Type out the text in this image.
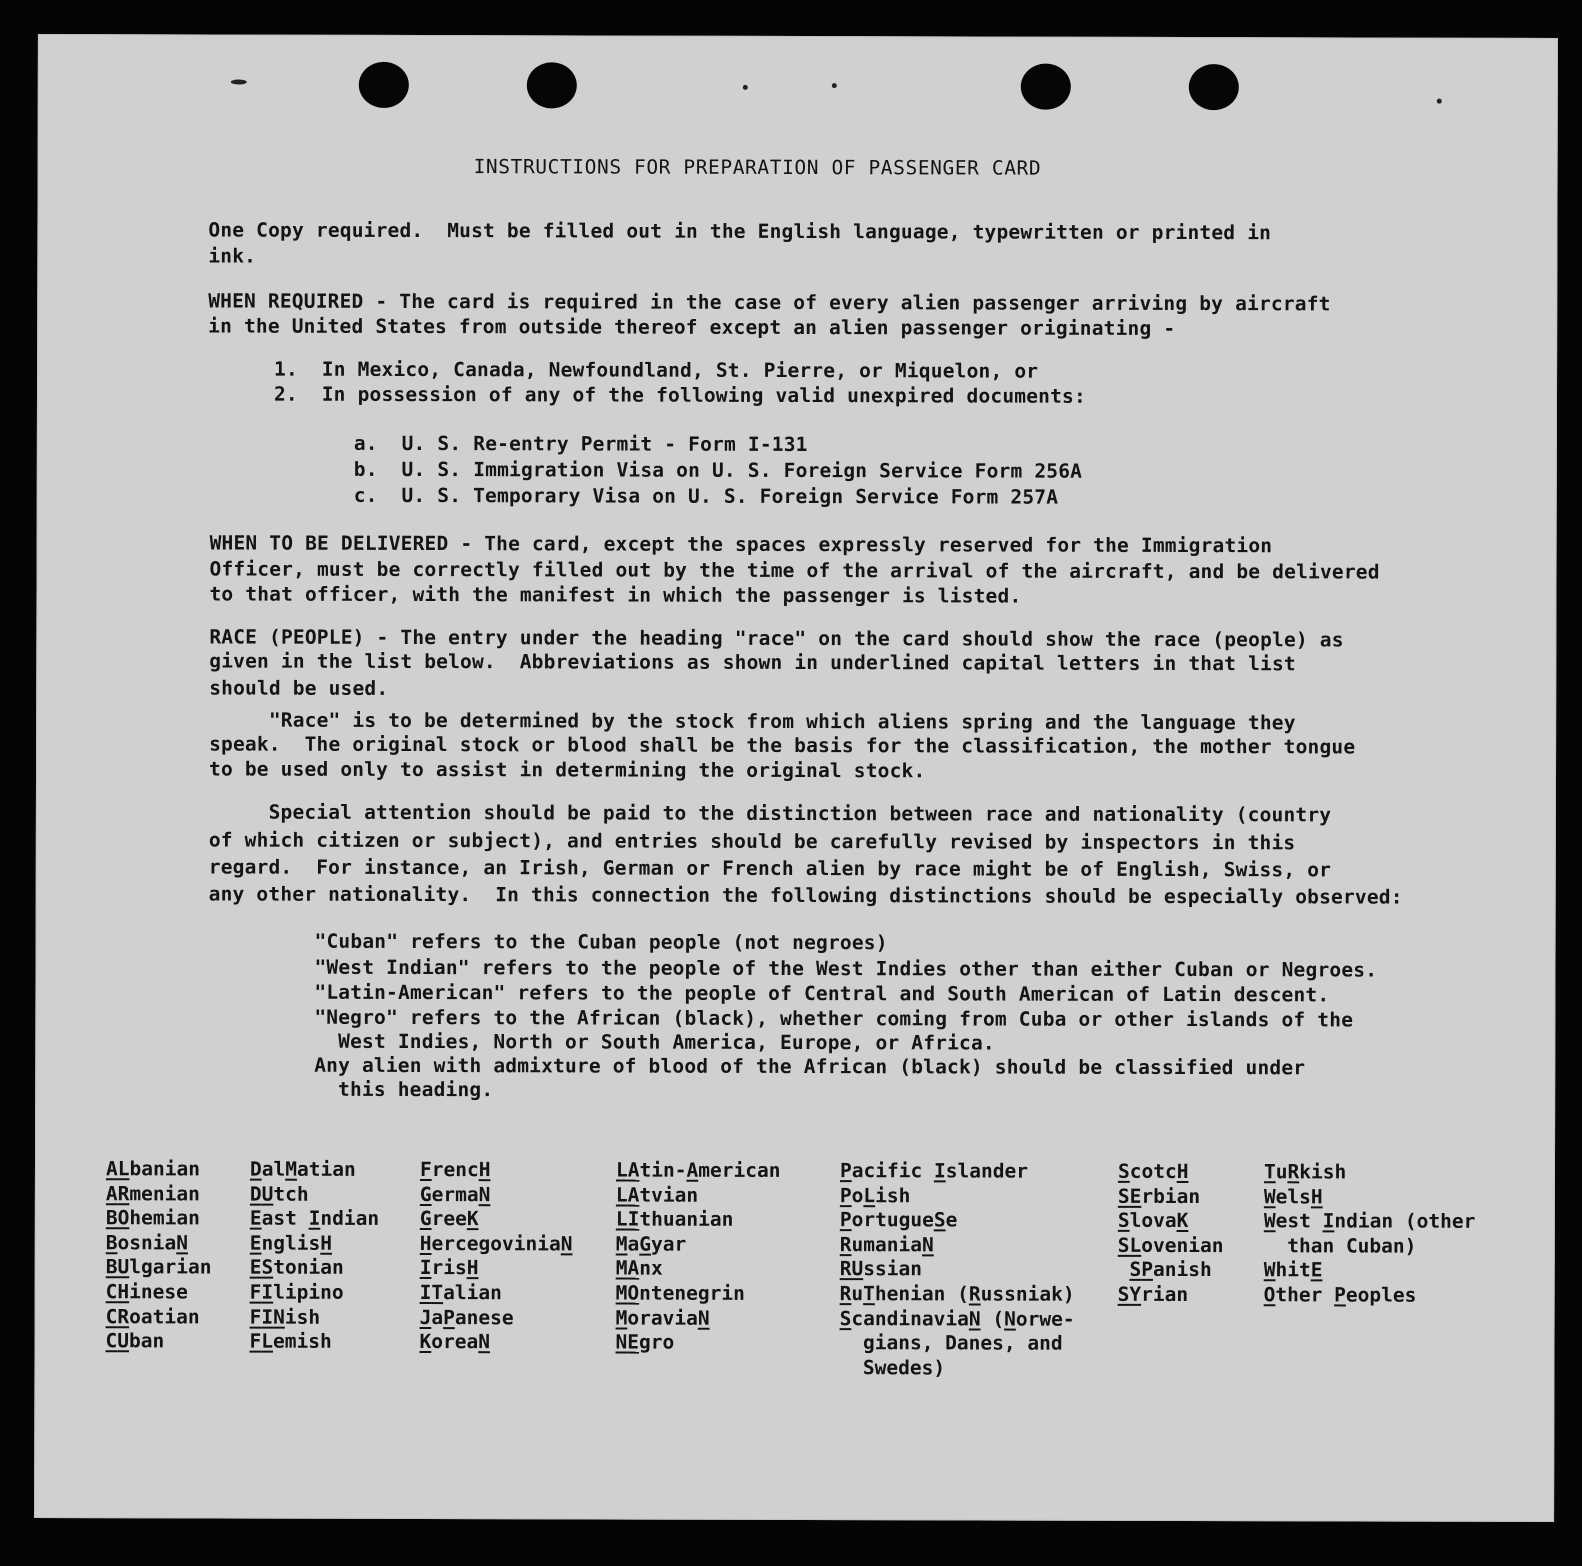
INSTRUCTIONS FOR PREPARATION OF PASSENGER CARD
One Copy required.  Must be filled out in the English language, typewritten or printed in
ink.
WHEN REQUIRED - The card is required in the case of every alien passenger arriving by aircraft
in the United States from outside thereof except an alien passenger originating -
1.  In Mexico, Canada, Newfoundland, St. Pierre, or Miquelon, or
2.  In possession of any of the following valid unexpired documents:
a.  U. S. Re-entry Permit - Form I-131
b.  U. S. Immigration Visa on U. S. Foreign Service Form 256A
c.  U. S. Temporary Visa on U. S. Foreign Service Form 257A
WHEN TO BE DELIVERED - The card, except the spaces expressly reserved for the Immigration
Officer, must be correctly filled out by the time of the arrival of the aircraft, and be delivered
to that officer, with the manifest in which the passenger is listed.
RACE (PEOPLE) - The entry under the heading "race" on the card should show the race (people) as
given in the list below.  Abbreviations as shown in underlined capital letters in that list
should be used.
"Race" is to be determined by the stock from which aliens spring and the language they
speak.  The original stock or blood shall be the basis for the classification, the mother tongue
to be used only to assist in determining the original stock.
Special attention should be paid to the distinction between race and nationality (country
of which citizen or subject), and entries should be carefully revised by inspectors in this
regard.  For instance, an Irish, German or French alien by race might be of English, Swiss, or
any other nationality.  In this connection the following distinctions should be especially observed:
"Cuban" refers to the Cuban people (not negroes)
"West Indian" refers to the people of the West Indies other than either Cuban or Negroes.
"Latin-American" refers to the people of Central and South American of Latin descent.
"Negro" refers to the African (black), whether coming from Cuba or other islands of the
West Indies, North or South America, Europe, or Africa.
Any alien with admixture of blood of the African (black) should be classified under
this heading.
ALbanian
ARmenian
BOhemian
BosniaN
BUlgarian
CHinese
CRoatian
CUban
DalMatian
DUtch
East Indian
EnglisH
EStonian
FIlipino
FINish
FLemish
FrencH
GermaN
GreeK
HercegoviniaN
IrisH
ITalian
JaPanese
KoreaN
LAtin-American
LAtvian
LIthuanian
MaGyar
MAnx
MOntenegrin
MoraviaN
NEgro
Pacific Islander
PoLish
PortugueSe
RumaniaN
RUssian
RuThenian (Russniak)
ScandinaviaN (Norwe-
gians, Danes, and
Swedes)
ScotcH
SErbian
SlovaK
SLovenian
SPanish
SYrian
TuRkish
WelsH
West Indian (other
than Cuban)
WhitE
Other Peoples
